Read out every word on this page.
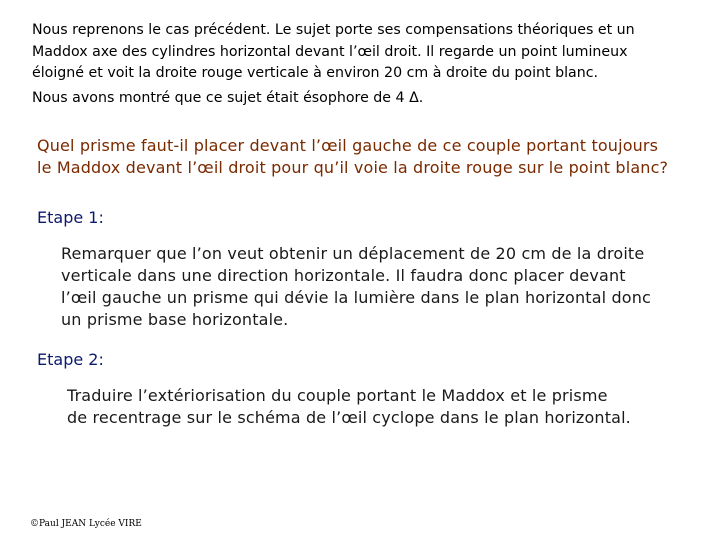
Nous reprenons le cas précédent. Le sujet porte ses compensations théoriques et un
Maddox axe des cylindres horizontal devant l’œil droit. Il regarde un point lumineux
éloigné et voit la droite rouge verticale à environ 20 cm à droite du point blanc.

Nous avons montré que ce sujet était ésophore de 4 Δ.

Quel prisme faut-il placer devant l’œil gauche de ce couple portant toujours
le Maddox devant l’œil droit pour qu’il voie la droite rouge sur le point blanc?

Etape 1:

Remarquer que l’on veut obtenir un déplacement de 20 cm de la droite
verticale dans une direction horizontale. Il faudra donc placer devant
l’œil gauche un prisme qui dévie la lumière dans le plan horizontal donc
un prisme base horizontale.

Etape 2:

Traduire l’extériorisation du couple portant le Maddox et le prisme
de recentrage sur le schéma de l’œil cyclope dans le plan horizontal.

©Paul JEAN Lycée VIRE
